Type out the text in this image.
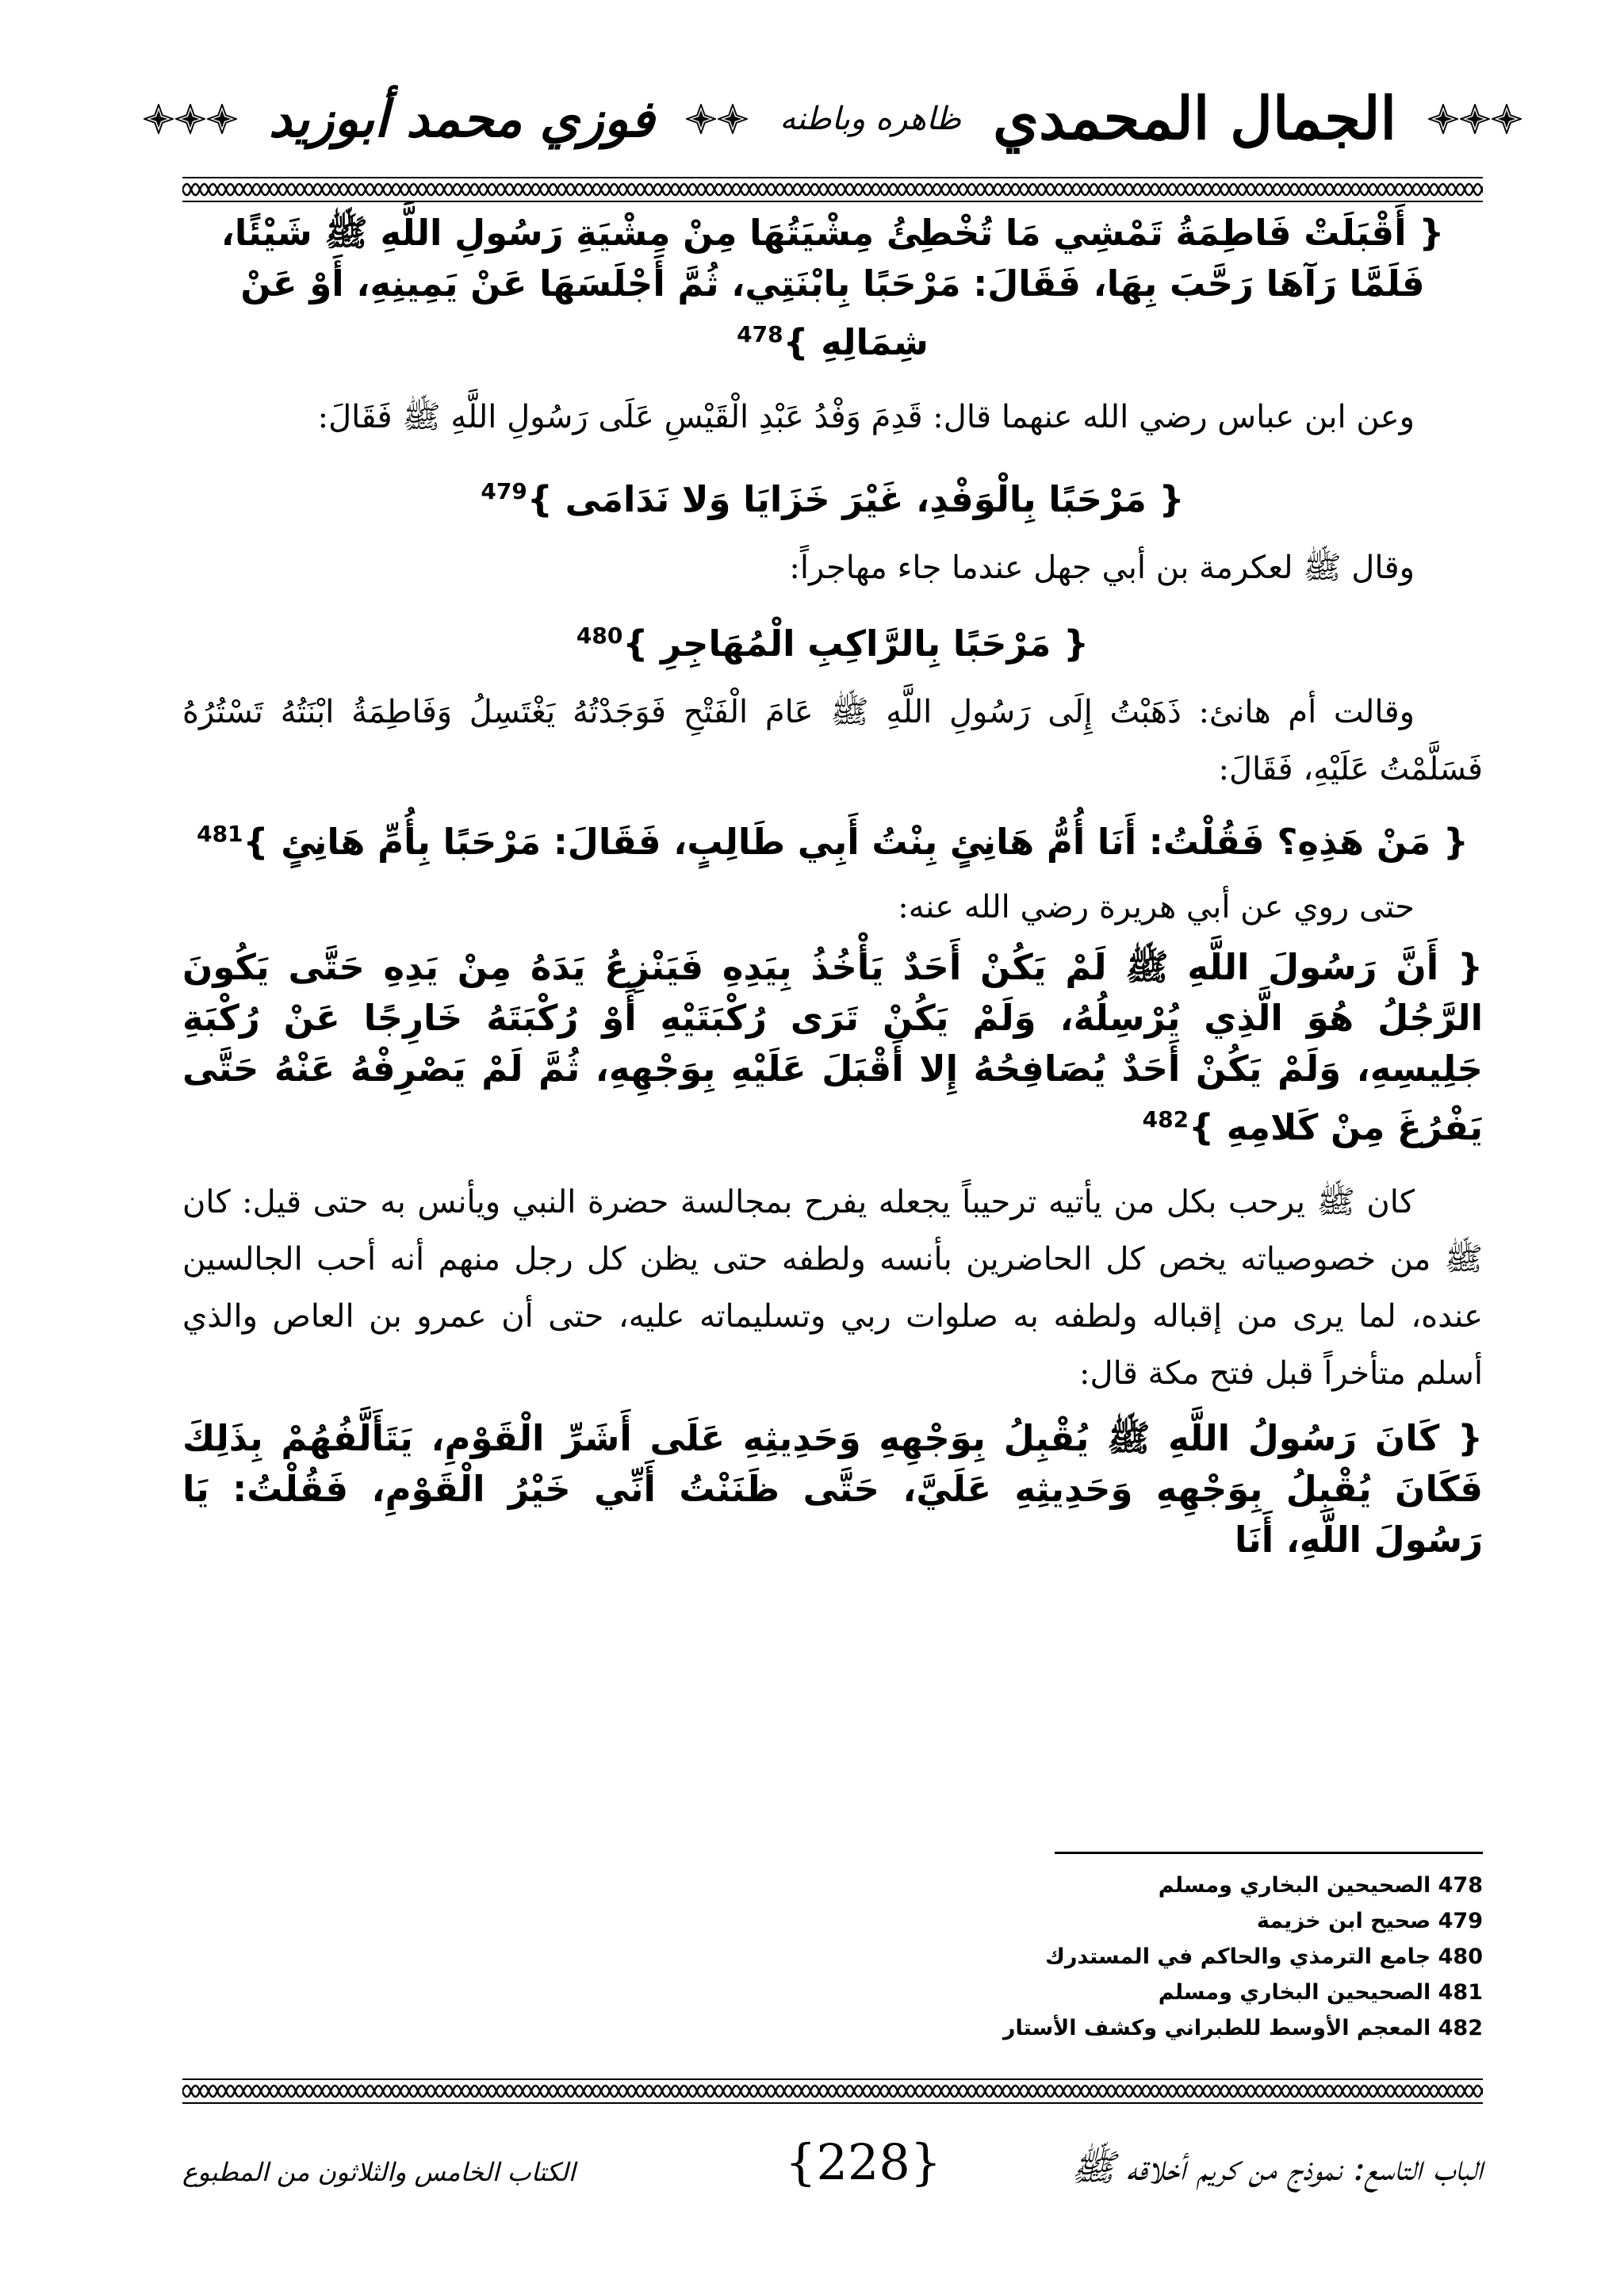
الجمال المحمدي
ظاهره وباطنه
فوزي محمد أبوزيد

{ أَقْبَلَتْ فَاطِمَةُ تَمْشِي مَا تُخْطِئُ مِشْيَتُهَا مِنْ مِشْيَةِ رَسُولِ اللَّهِ ﷺ شَيْئًا، فَلَمَّا رَآهَا رَحَّبَ بِهَا، فَقَالَ: مَرْحَبًا بِابْنَتِي، ثُمَّ أَجْلَسَهَا عَنْ يَمِينِهِ، أَوْ عَنْ شِمَالِهِ }$^{478}$

وعن ابن عباس رضي الله عنهما قال: قَدِمَ وَفْدُ عَبْدِ الْقَيْسِ عَلَى رَسُولِ اللَّهِ ﷺ فَقَالَ:

{ مَرْحَبًا بِالْوَفْدِ، غَيْرَ خَزَايَا وَلا نَدَامَى }$^{479}$

وقال ﷺ لعكرمة بن أبي جهل عندما جاء مهاجراً:

{ مَرْحَبًا بِالرَّاكِبِ الْمُهَاجِرِ }$^{480}$

وقالت أم هانئ: ذَهَبْتُ إِلَى رَسُولِ اللَّهِ ﷺ عَامَ الْفَتْحِ فَوَجَدْتُهُ يَغْتَسِلُ وَفَاطِمَةُ ابْنَتُهُ تَسْتُرُهُ فَسَلَّمْتُ عَلَيْهِ، فَقَالَ:

{ مَنْ هَذِهِ؟ فَقُلْتُ: أَنَا أُمُّ هَانِئٍ بِنْتُ أَبِي طَالِبٍ، فَقَالَ: مَرْحَبًا بِأُمِّ هَانِئٍ }$^{481}$

حتى روي عن أبي هريرة رضي الله عنه:

{ أَنَّ رَسُولَ اللَّهِ ﷺ لَمْ يَكُنْ أَحَدٌ يَأْخُذُ بِيَدِهِ فَيَنْزِعُ يَدَهُ مِنْ يَدِهِ حَتَّى يَكُونَ الرَّجُلُ هُوَ الَّذِي يُرْسِلُهُ، وَلَمْ يَكُنْ تَرَى رُكْبَتَيْهِ أَوْ رُكْبَتَهُ خَارِجًا عَنْ رُكْبَةِ جَلِيسِهِ، وَلَمْ يَكُنْ أَحَدٌ يُصَافِحُهُ إِلا أَقْبَلَ عَلَيْهِ بِوَجْهِهِ، ثُمَّ لَمْ يَصْرِفْهُ عَنْهُ حَتَّى يَفْرُغَ مِنْ كَلامِهِ }$^{482}$

كان ﷺ يرحب بكل من يأتيه ترحيباً يجعله يفرح بمجالسة حضرة النبي ويأنس به حتى قيل: كان ﷺ من خصوصياته يخص كل الحاضرين بأنسه ولطفه حتى يظن كل رجل منهم أنه أحب الجالسين عنده، لما يرى من إقباله ولطفه به صلوات ربي وتسليماته عليه، حتى أن عمرو بن العاص والذي أسلم متأخراً قبل فتح مكة قال:

{ كَانَ رَسُولُ اللَّهِ ﷺ يُقْبِلُ بِوَجْهِهِ وَحَدِيثِهِ عَلَى أَشَرِّ الْقَوْمِ، يَتَأَلَّفُهُمْ بِذَلِكَ فَكَانَ يُقْبِلُ بِوَجْهِهِ وَحَدِيثِهِ عَلَيَّ، حَتَّى ظَنَنْتُ أَنِّي خَيْرُ الْقَوْمِ، فَقُلْتُ: يَا رَسُولَ اللَّهِ، أَنَا

478 الصحيحين البخاري ومسلم
479 صحيح ابن خزيمة
480 جامع الترمذي والحاكم في المستدرك
481 الصحيحين البخاري ومسلم
482 المعجم الأوسط للطبراني وكشف الأستار
الباب التاسع: نموذج من كريم أخلاقه ﷺ
{228}
الكتاب الخامس والثلاثون من المطبوع
